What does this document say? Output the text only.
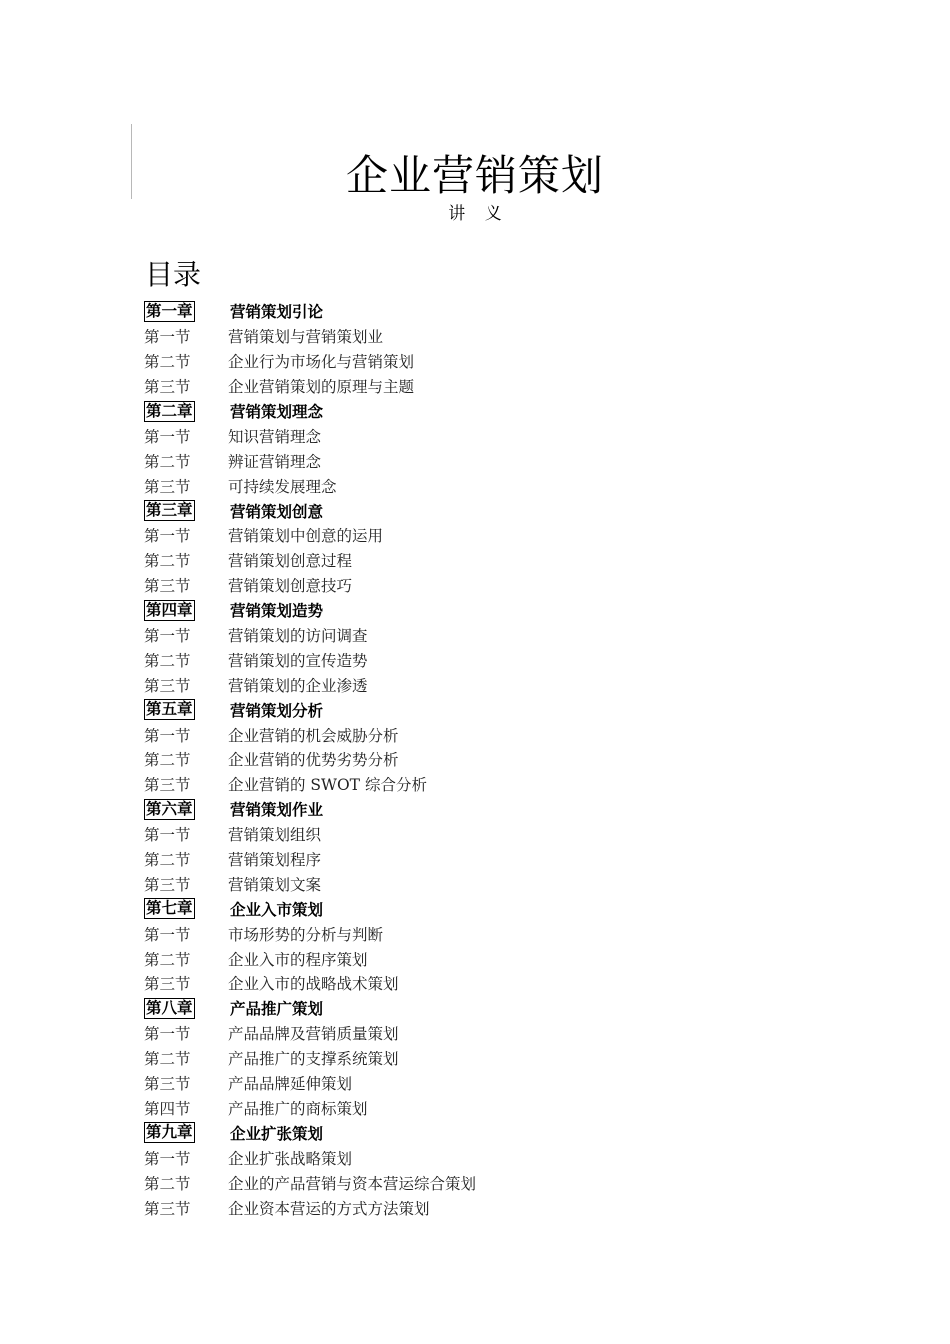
企业营销策划
讲 义
目录
第一章	营销策划引论
第一节	营销策划与营销策划业
第二节	企业行为市场化与营销策划
第三节	企业营销策划的原理与主题
第二章	营销策划理念
第一节	知识营销理念
第二节	辨证营销理念
第三节	可持续发展理念
第三章	营销策划创意
第一节	营销策划中创意的运用
第二节	营销策划创意过程
第三节	营销策划创意技巧
第四章	营销策划造势
第一节	营销策划的访问调查
第二节	营销策划的宣传造势
第三节	营销策划的企业渗透
第五章	营销策划分析
第一节	企业营销的机会威胁分析
第二节	企业营销的优势劣势分析
第三节	企业营销的 SWOT 综合分析
第六章	营销策划作业
第一节	营销策划组织
第二节	营销策划程序
第三节	营销策划文案
第七章	企业入市策划
第一节	市场形势的分析与判断
第二节	企业入市的程序策划
第三节	企业入市的战略战术策划
第八章	产品推广策划
第一节	产品品牌及营销质量策划
第二节	产品推广的支撑系统策划
第三节	产品品牌延伸策划
第四节	产品推广的商标策划
第九章	企业扩张策划
第一节	企业扩张战略策划
第二节	企业的产品营销与资本营运综合策划
第三节	企业资本营运的方式方法策划
